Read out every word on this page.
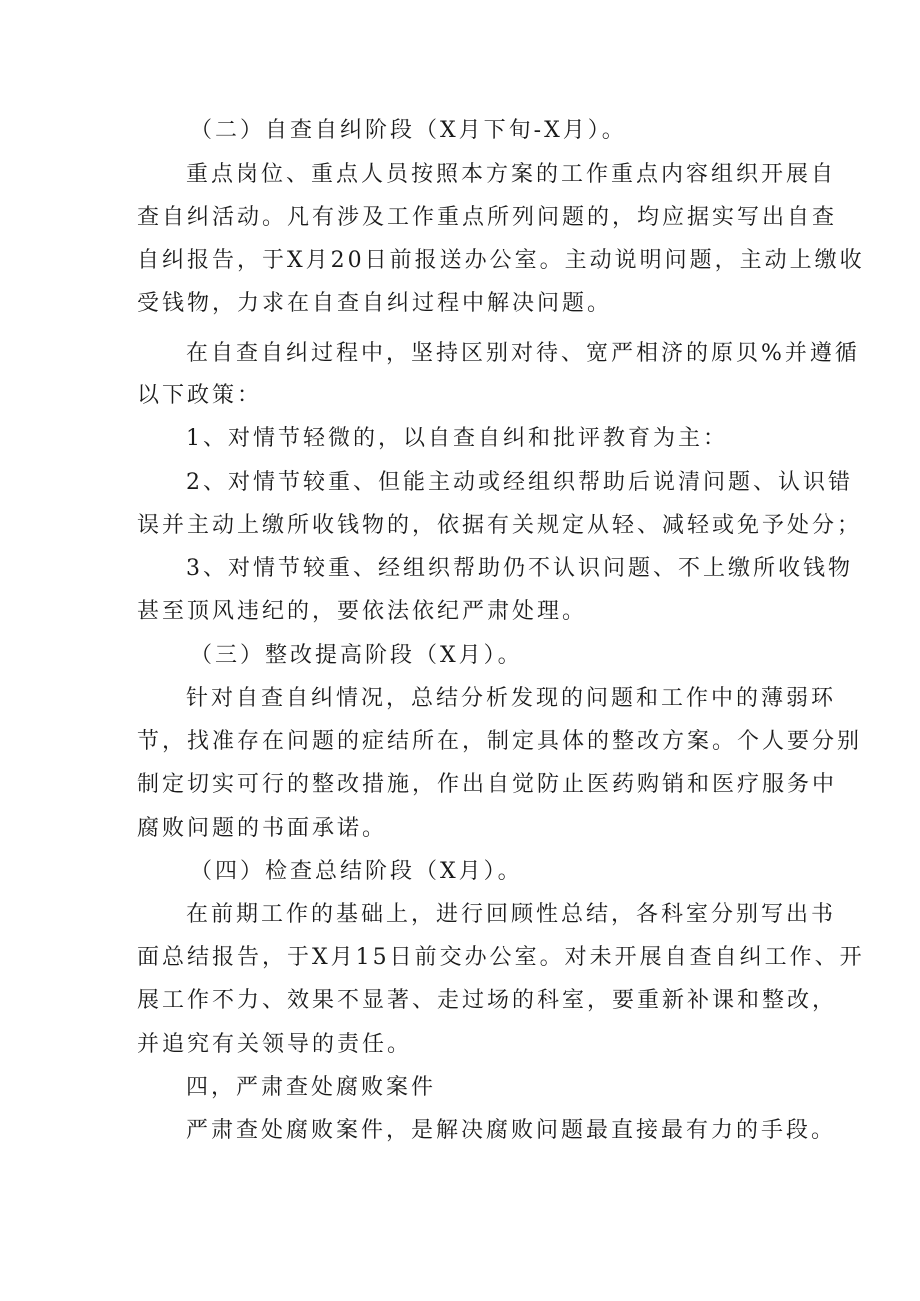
（二）自查自纠阶段（X月下旬-X月）。
重点岗位、重点人员按照本方案的工作重点内容组织开展自
查自纠活动。凡有涉及工作重点所列问题的，均应据实写出自查
自纠报告，于X月20日前报送办公室。主动说明问题，主动上缴收
受钱物，力求在自查自纠过程中解决问题。
在自查自纠过程中，坚持区别对待、宽严相济的原贝%并遵循
以下政策：
1、对情节轻微的，以自查自纠和批评教育为主：
2、对情节较重、但能主动或经组织帮助后说清问题、认识错
误并主动上缴所收钱物的，依据有关规定从轻、减轻或免予处分；
3、对情节较重、经组织帮助仍不认识问题、不上缴所收钱物
甚至顶风违纪的，要依法依纪严肃处理。
（三）整改提高阶段（X月）。
针对自查自纠情况，总结分析发现的问题和工作中的薄弱环
节，找准存在问题的症结所在，制定具体的整改方案。个人要分别
制定切实可行的整改措施，作出自觉防止医药购销和医疗服务中
腐败问题的书面承诺。
（四）检查总结阶段（X月）。
在前期工作的基础上，进行回顾性总结，各科室分别写出书
面总结报告，于X月15日前交办公室。对未开展自查自纠工作、开
展工作不力、效果不显著、走过场的科室，要重新补课和整改，
并追究有关领导的责任。
四，严肃查处腐败案件
严肃查处腐败案件，是解决腐败问题最直接最有力的手段。
